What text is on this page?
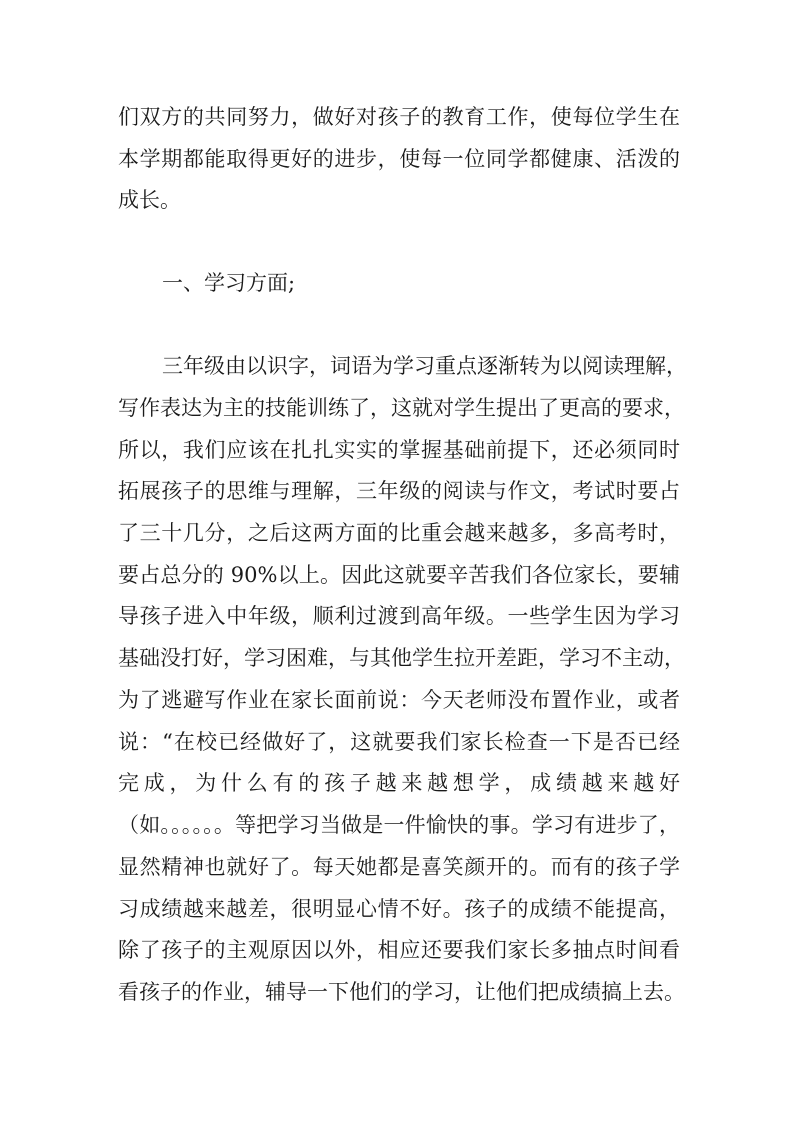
们双方的共同努力，做好对孩子的教育工作，使每位学生在

本学期都能取得更好的进步，使每一位同学都健康、活泼的

成长。

一、学习方面;

三年级由以识字，词语为学习重点逐渐转为以阅读理解，

写作表达为主的技能训练了，这就对学生提出了更高的要求，

所以，我们应该在扎扎实实的掌握基础前提下，还必须同时

拓展孩子的思维与理解，三年级的阅读与作文，考试时要占

了三十几分，之后这两方面的比重会越来越多，多高考时，

要占总分的 90%以上。因此这就要辛苦我们各位家长，要辅

导孩子进入中年级，顺利过渡到高年级。一些学生因为学习

基础没打好，学习困难，与其他学生拉开差距，学习不主动，

为了逃避写作业在家长面前说：今天老师没布置作业，或者

说：“在校已经做好了，这就要我们家长检查一下是否已经

完成，为什么有的孩子越来越想学，成绩越来越好

（如。。。。。。等把学习当做是一件愉快的事。学习有进步了，

显然精神也就好了。每天她都是喜笑颜开的。而有的孩子学

习成绩越来越差，很明显心情不好。孩子的成绩不能提高，

除了孩子的主观原因以外，相应还要我们家长多抽点时间看

看孩子的作业，辅导一下他们的学习，让他们把成绩搞上去。
